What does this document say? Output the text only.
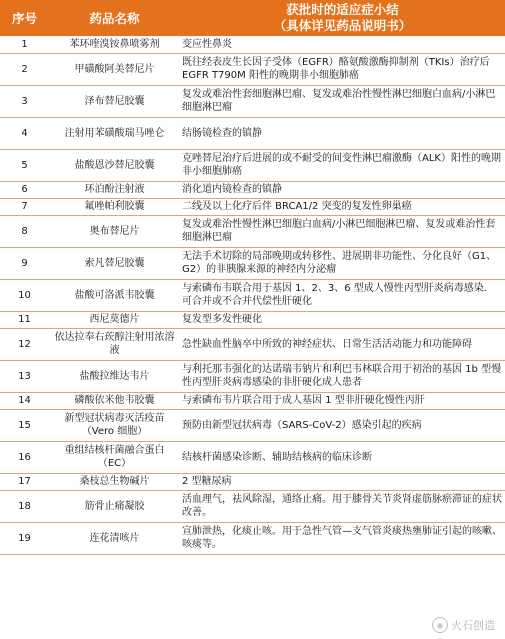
序号	药品名称	获批时的适应症小结
（具体详见药品说明书）

1	苯环喹溴铵鼻喷雾剂	变应性鼻炎
2	甲磺酸阿美替尼片	既往经表皮生长因子受体（EGFR）酪氨酸激酶抑制剂（TKIs）治疗后 EGFR T790M 阳性的晚期非小细胞肺癌
3	泽布替尼胶囊	复发或难治性套细胞淋巴瘤、复发或难治性慢性淋巴细胞白血病/小淋巴细胞淋巴瘤
4	注射用苯磺酸瑞马唑仑	结肠镜检查的镇静
5	盐酸恩沙替尼胶囊	克唑替尼治疗后进展的或不耐受的间变性淋巴瘤激酶（ALK）阳性的晚期非小细胞肺癌
6	环泊酚注射液	消化道内镜检查的镇静
7	氟唑帕利胶囊	二线及以上化疗后伴 BRCA1/2 突变的复发性卵巢癌
8	奥布替尼片	复发或难治性慢性淋巴细胞白血病/小淋巴细胞淋巴瘤、复发或难治性套细胞淋巴瘤
9	索凡替尼胶囊	无法手术切除的局部晚期或转移性、进展期非功能性、分化良好（G1、G2）的非胰腺来源的神经内分泌瘤
10	盐酸可洛派韦胶囊	与索磷布韦联合用于基因 1、2、3、6 型成人慢性丙型肝炎病毒感染．可合并或不合并代偿性肝硬化
11	西尼莫德片	复发型多发性硬化
12	依达拉奉右莰醇注射用浓溶液	急性缺血性脑卒中所致的神经症状、日常生活活动能力和功能障碍
13	盐酸拉维达韦片	与利托那韦强化的达诺瑞韦钠片和利巴韦林联合用于初治的基因 1b 型慢性丙型肝炎病毒感染的非肝硬化成人患者
14	磷酸依米他韦胶囊	与索磷布韦片联合用于成人基因 1 型非肝硬化慢性丙肝
15	新型冠状病毒灭活疫苗（Vero 细胞）	预防由新型冠状病毒（SARS-CoV-2）感染引起的疾病
16	重组结核杆菌融合蛋白（EC）	结核杆菌感染诊断、辅助结核病的临床诊断
17	桑枝总生物碱片	2 型糖尿病
18	筋骨止痛凝胶	活血理气，祛风除湿，通络止痛。用于膝骨关节炎肾虚筋脉瘀滞证的症状改善。
19	连花清咳片	宣肺泄热，化痰止咳。用于急性气管—支气管炎痰热壅肺证引起的咳嗽、咳痰等。
◉ 火石创造
